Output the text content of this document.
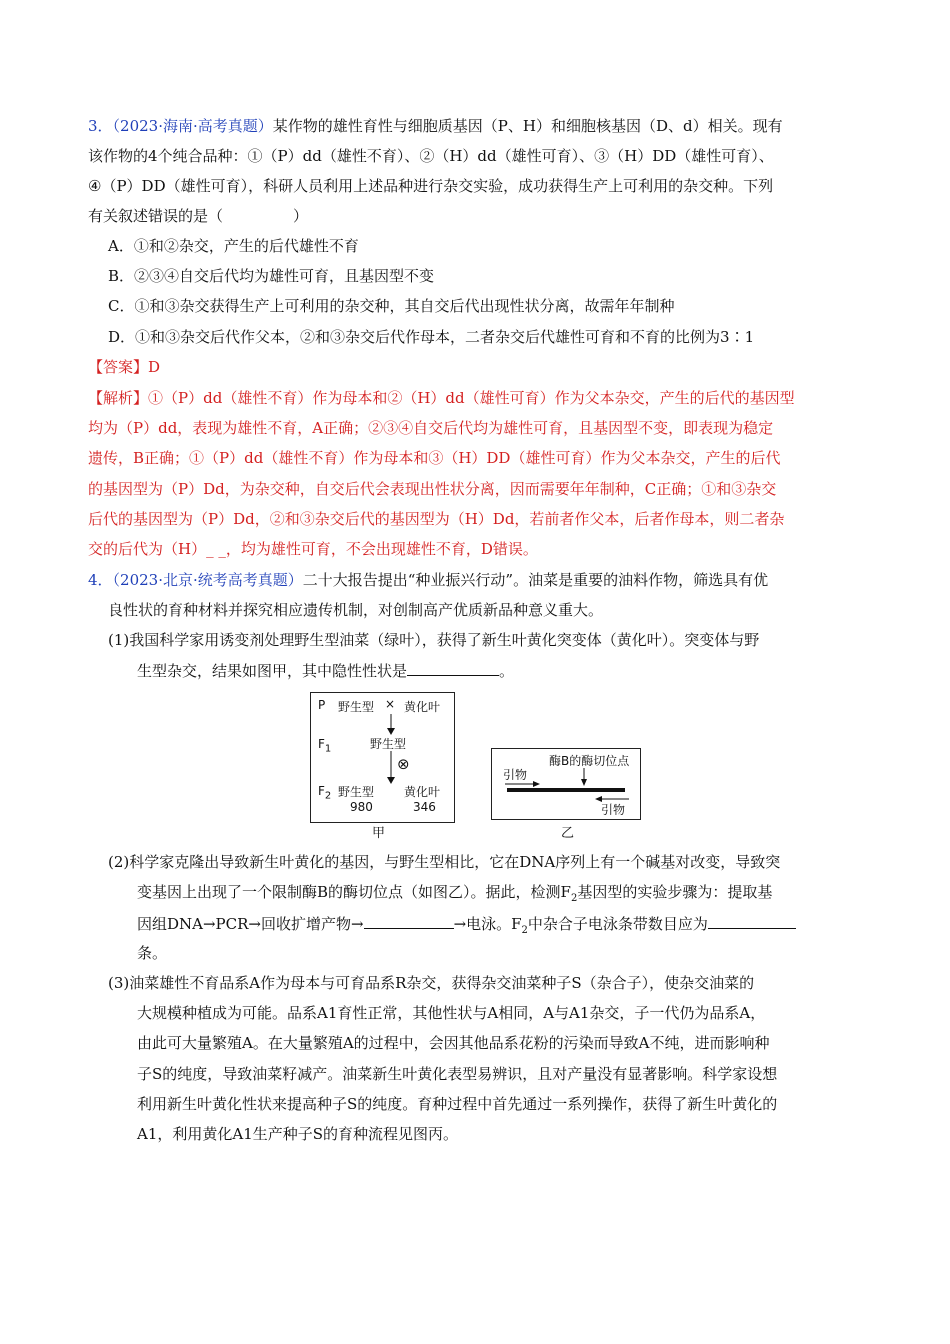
3．（2023·海南·高考真题）某作物的雄性育性与细胞质基因（P、H）和细胞核基因（D、d）相关。现有
该作物的4个纯合品种：①（P）dd（雄性不育）、②（H）dd（雄性可育）、③（H）DD（雄性可育）、
④（P）DD（雄性可育），科研人员利用上述品种进行杂交实验，成功获得生产上可利用的杂交种。下列
有关叙述错误的是（	）
A．①和②杂交，产生的后代雄性不育
B．②③④自交后代均为雄性可育，且基因型不变
C．①和③杂交获得生产上可利用的杂交种，其自交后代出现性状分离，故需年年制种
D．①和③杂交后代作父本，②和③杂交后代作母本，二者杂交后代雄性可育和不育的比例为3∶1
【答案】D
【解析】①（P）dd（雄性不育）作为母本和②（H）dd（雄性可育）作为父本杂交，产生的后代的基因型
均为（P）dd，表现为雄性不育，A正确；②③④自交后代均为雄性可育，且基因型不变，即表现为稳定
遗传，B正确；①（P）dd（雄性不育）作为母本和③（H）DD（雄性可育）作为父本杂交，产生的后代
的基因型为（P）Dd，为杂交种，自交后代会表现出性状分离，因而需要年年制种，C正确；①和③杂交
后代的基因型为（P）Dd，②和③杂交后代的基因型为（H）Dd，若前者作父本，后者作母本，则二者杂
交的后代为（H）_ _，均为雄性可育，不会出现雄性不育，D错误。
4．（2023·北京·统考高考真题）二十大报告提出“种业振兴行动”。油菜是重要的油料作物，筛选具有优
良性状的育种材料并探究相应遗传机制，对创制高产优质新品种意义重大。
(1)我国科学家用诱变剂处理野生型油菜（绿叶），获得了新生叶黄化突变体（黄化叶）。突变体与野
生型杂交，结果如图甲，其中隐性性状是	。
P 野生型 × 黄化叶
$F_1$	野生型
⊗
$F_2$ 野生型
980
黄化叶
346
甲
酶B的酶切位点
引物
引物
乙
(2)科学家克隆出导致新生叶黄化的基因，与野生型相比，它在DNA序列上有一个碱基对改变，导致突
变基因上出现了一个限制酶B的酶切位点（如图乙）。据此，检测$F_2$基因型的实验步骤为：提取基
因组DNA→PCR→回收扩增产物→	→电泳。$F_2$中杂合子电泳条带数目应为
条。
(3)油菜雄性不育品系A作为母本与可育品系R杂交，获得杂交油菜种子S（杂合子），使杂交油菜的
大规模种植成为可能。品系A1育性正常，其他性状与A相同，A与A1杂交，子一代仍为品系A，
由此可大量繁殖A。在大量繁殖A的过程中，会因其他品系花粉的污染而导致A不纯，进而影响种
子S的纯度，导致油菜籽减产。油菜新生叶黄化表型易辨识，且对产量没有显著影响。科学家设想
利用新生叶黄化性状来提高种子S的纯度。育种过程中首先通过一系列操作，获得了新生叶黄化的
A1，利用黄化A1生产种子S的育种流程见图丙。
